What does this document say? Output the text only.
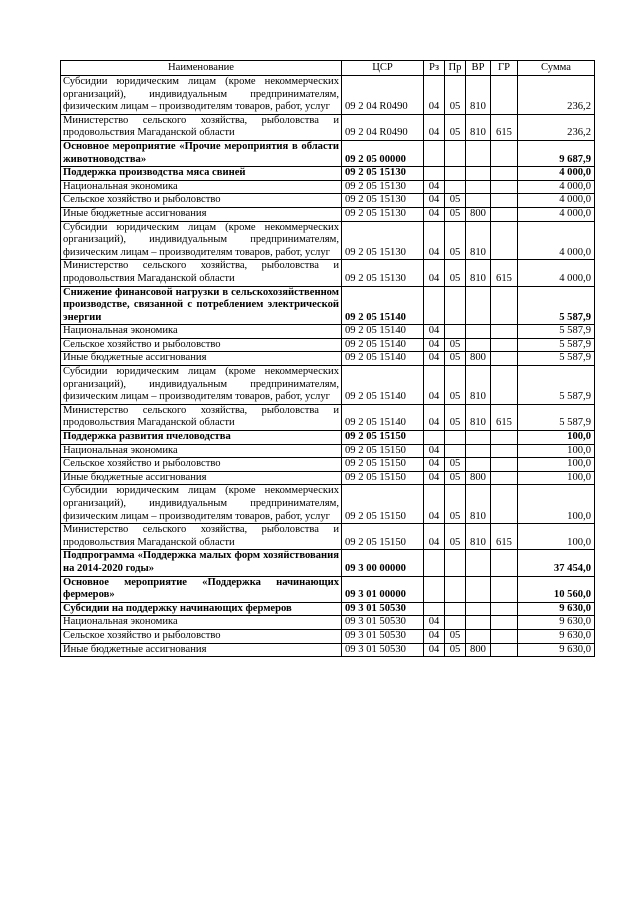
Наименование	ЦСР	Рз	Пр	ВР	ГР	Сумма
Субсидии юридическим лицам (кроме некоммерческих организаций), индивидуальным предпринимателям, физическим лицам – производителям товаров, работ, услуг	09 2 04 R0490	04	05	810		236,2
Министерство сельского хозяйства, рыболовства и продовольствия Магаданской области	09 2 04 R0490	04	05	810	615	236,2
Основное мероприятие «Прочие мероприятия в области животноводства»	09 2 05 00000					9 687,9
Поддержка производства мяса свиней	09 2 05 15130					4 000,0
Национальная экономика	09 2 05 15130	04				4 000,0
Сельское хозяйство и рыболовство	09 2 05 15130	04	05			4 000,0
Иные бюджетные ассигнования	09 2 05 15130	04	05	800		4 000,0
Субсидии юридическим лицам (кроме некоммерческих организаций), индивидуальным предпринимателям, физическим лицам – производителям товаров, работ, услуг	09 2 05 15130	04	05	810		4 000,0
Министерство сельского хозяйства, рыболовства и продовольствия Магаданской области	09 2 05 15130	04	05	810	615	4 000,0
Снижение финансовой нагрузки в сельскохозяйственном производстве, связанной с потреблением электрической энергии	09 2 05 15140					5 587,9
Национальная экономика	09 2 05 15140	04				5 587,9
Сельское хозяйство и рыболовство	09 2 05 15140	04	05			5 587,9
Иные бюджетные ассигнования	09 2 05 15140	04	05	800		5 587,9
Субсидии юридическим лицам (кроме некоммерческих организаций), индивидуальным предпринимателям, физическим лицам – производителям товаров, работ, услуг	09 2 05 15140	04	05	810		5 587,9
Министерство сельского хозяйства, рыболовства и продовольствия Магаданской области	09 2 05 15140	04	05	810	615	5 587,9
Поддержка развития пчеловодства	09 2 05 15150					100,0
Национальная экономика	09 2 05 15150	04				100,0
Сельское хозяйство и рыболовство	09 2 05 15150	04	05			100,0
Иные бюджетные ассигнования	09 2 05 15150	04	05	800		100,0
Субсидии юридическим лицам (кроме некоммерческих организаций), индивидуальным предпринимателям, физическим лицам – производителям товаров, работ, услуг	09 2 05 15150	04	05	810		100,0
Министерство сельского хозяйства, рыболовства и продовольствия Магаданской области	09 2 05 15150	04	05	810	615	100,0
Подпрограмма «Поддержка малых форм хозяйствования на 2014-2020 годы»	09 3 00 00000					37 454,0
Основное мероприятие «Поддержка начинающих фермеров»	09 3 01 00000					10 560,0
Субсидии на поддержку начинающих фермеров	09 3 01 50530					9 630,0
Национальная экономика	09 3 01 50530	04				9 630,0
Сельское хозяйство и рыболовство	09 3 01 50530	04	05			9 630,0
Иные бюджетные ассигнования	09 3 01 50530	04	05	800		9 630,0
